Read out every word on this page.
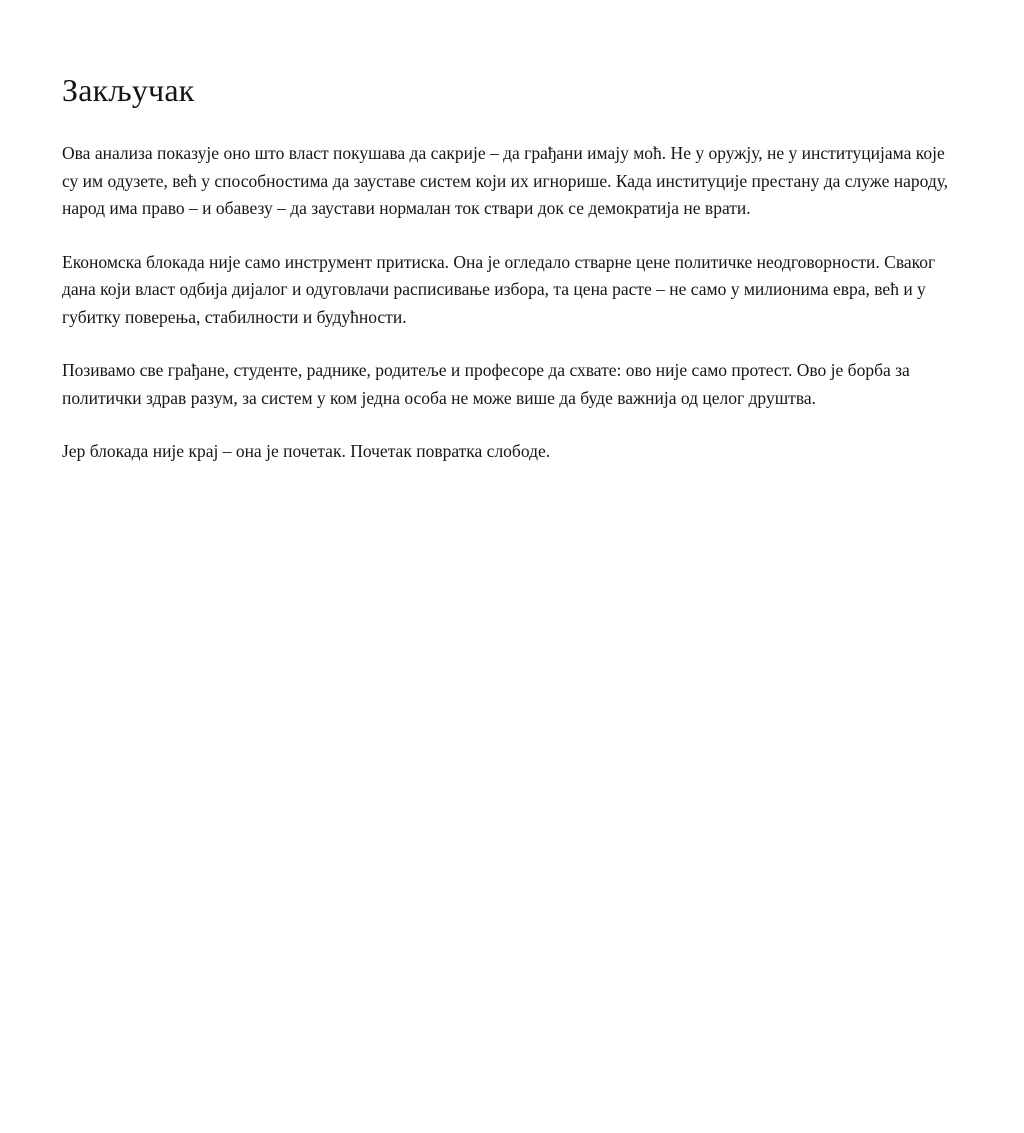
Закључак

Ова анализа показује оно што власт покушава да сакрије – да грађани имају моћ. Не у оружју, не у институцијама које су им одузете, већ у способностима да зауставе систем који их игнорише. Када институције престану да служе народу, народ има право – и обавезу – да заустави нормалан ток ствари док се демократија не врати.

Економска блокада није само инструмент притиска. Она је огледало стварне цене политичке неодговорности. Сваког дана који власт одбија дијалог и одуговлачи расписивање избора, та цена расте – не само у милионима евра, већ и у губитку поверења, стабилности и будућности.

Позивамо све грађане, студенте, раднике, родитеље и професоре да схвате: ово није само протест. Ово је борба за политички здрав разум, за систем у ком једна особа не може више да буде важнија од целог друштва.

Јер блокада није крај – она је почетак. Почетак повратка слободе.
